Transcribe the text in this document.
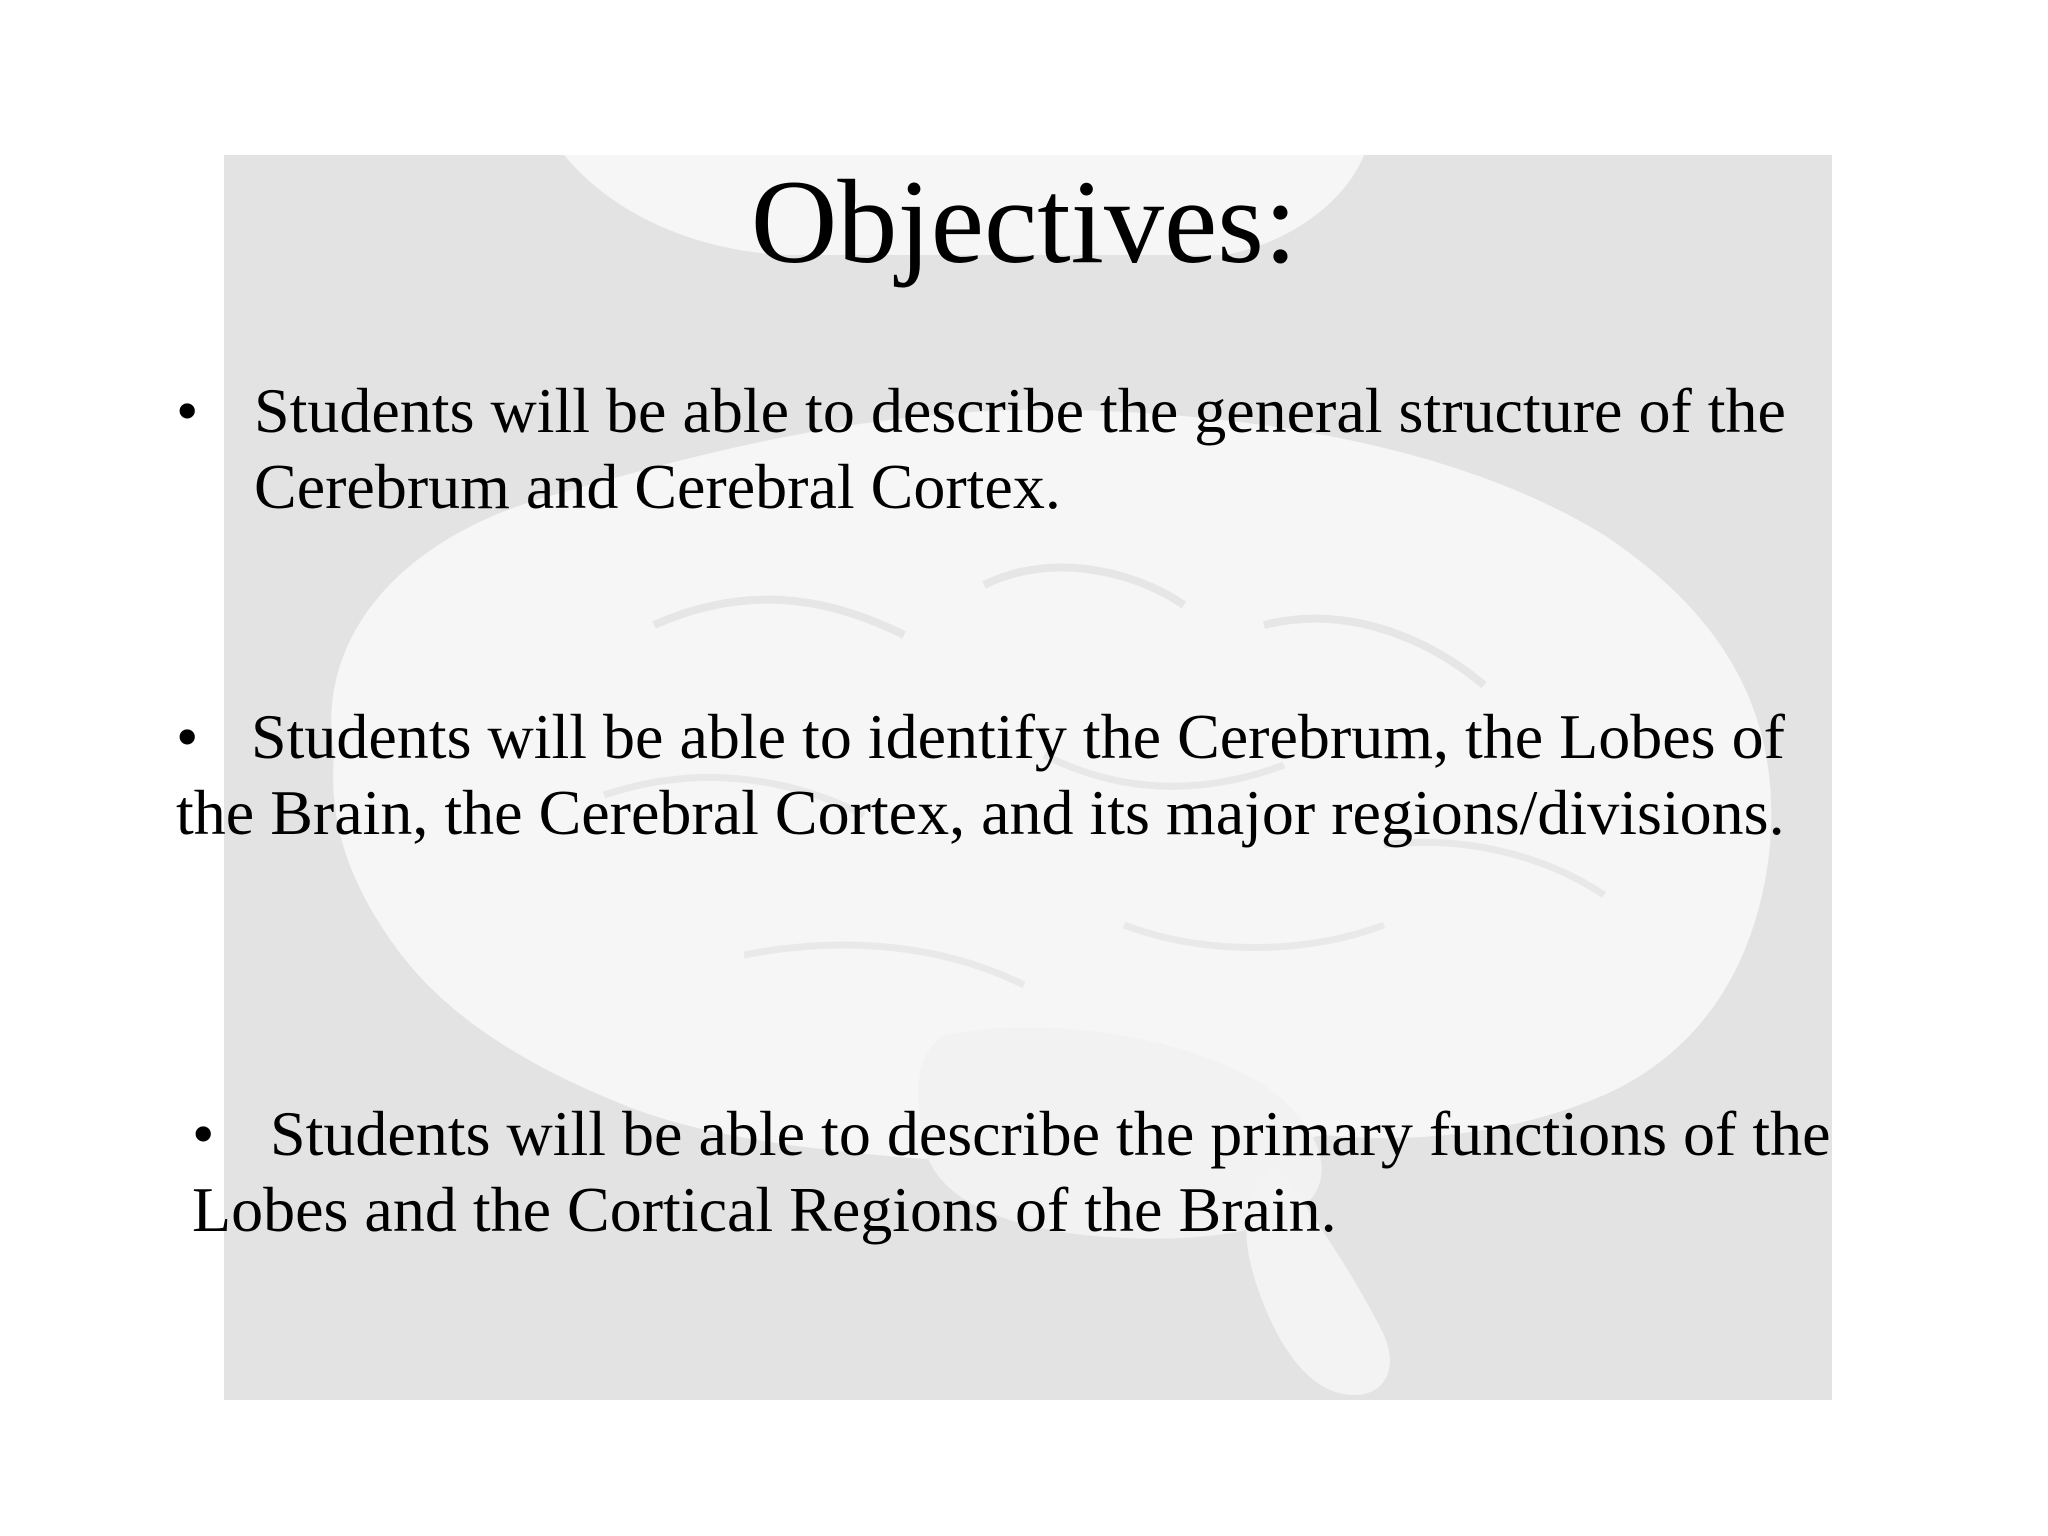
Objectives:

• Students will be able to describe the general structure of the
Cerebrum and Cerebral Cortex.

• Students will be able to identify the Cerebrum, the Lobes of
the Brain, the Cerebral Cortex, and its major regions/divisions.

• Students will be able to describe the primary functions of the
Lobes and the Cortical Regions of the Brain.
